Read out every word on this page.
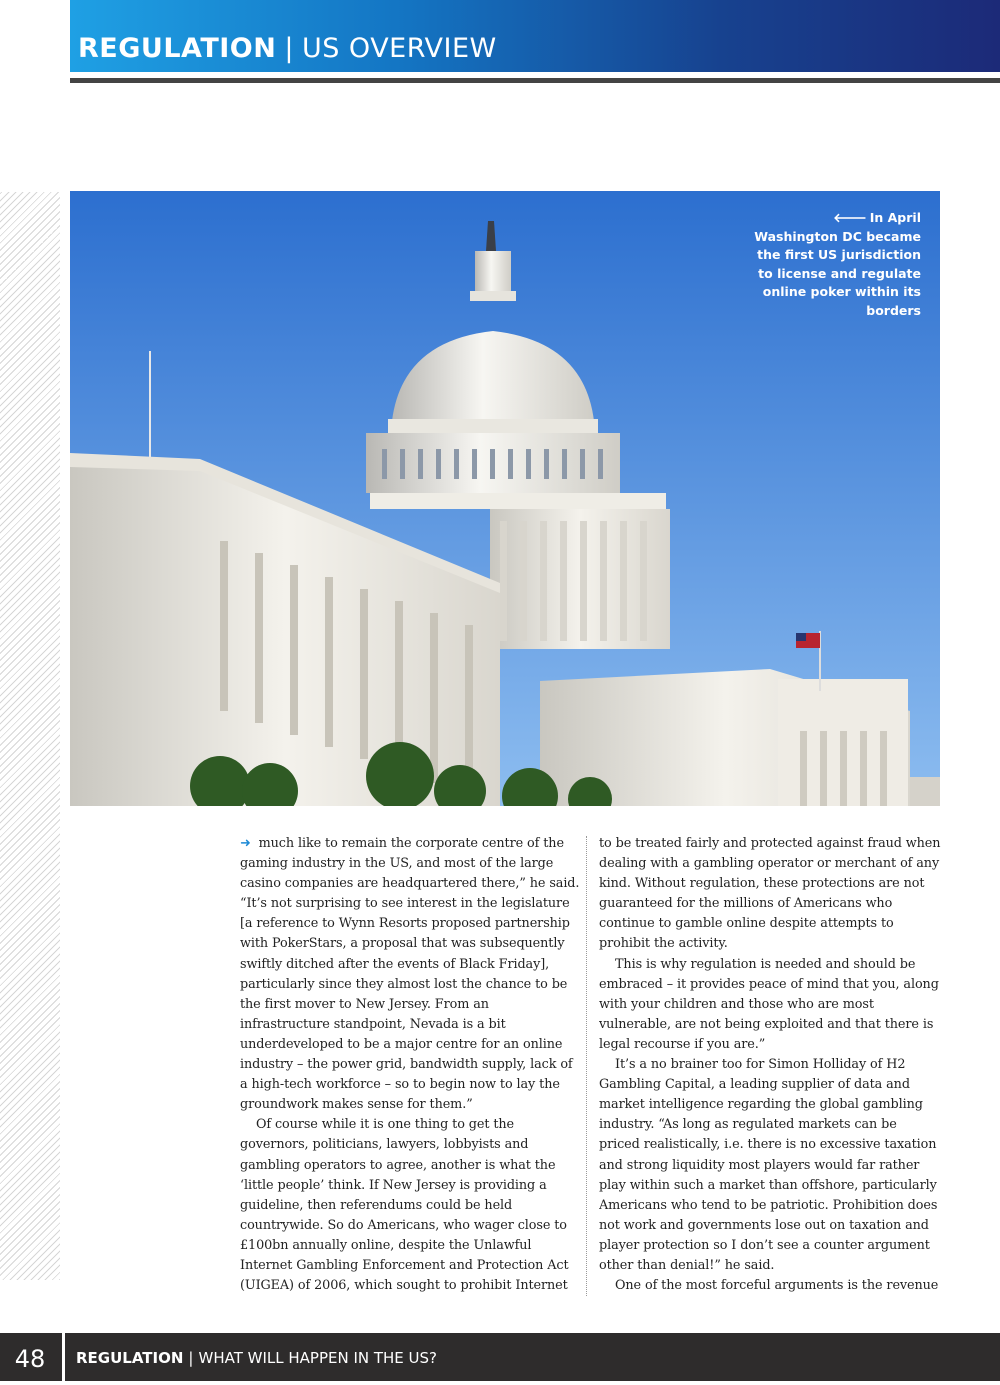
REGULATION | US OVERVIEW
🡐 In April Washington DC became the first US jurisdiction to license and regulate online poker within its borders

➜ much like to remain the corporate centre of the gaming industry in the US, and most of the large casino companies are headquartered there,” he said. “It’s not surprising to see interest in the legislature [a reference to Wynn Resorts proposed partnership with PokerStars, a proposal that was subsequently swiftly ditched after the events of Black Friday], particularly since they almost lost the chance to be the first mover to New Jersey. From an infrastructure standpoint, Nevada is a bit underdeveloped to be a major centre for an online industry – the power grid, bandwidth supply, lack of a high-tech workforce – so to begin now to lay the groundwork makes sense for them.”

Of course while it is one thing to get the governors, politicians, lawyers, lobbyists and gambling operators to agree, another is what the ‘little people’ think. If New Jersey is providing a guideline, then referendums could be held countrywide. So do Americans, who wager close to £100bn annually online, despite the Unlawful Internet Gambling Enforcement and Protection Act (UIGEA) of 2006, which sought to prohibit Internet

to be treated fairly and protected against fraud when dealing with a gambling operator or merchant of any kind. Without regulation, these protections are not guaranteed for the millions of Americans who continue to gamble online despite attempts to prohibit the activity.

This is why regulation is needed and should be embraced – it provides peace of mind that you, along with your children and those who are most vulnerable, are not being exploited and that there is legal recourse if you are.”

It’s a no brainer too for Simon Holliday of H2 Gambling Capital, a leading supplier of data and market intelligence regarding the global gambling industry. “As long as regulated markets can be priced realistically, i.e. there is no excessive taxation and strong liquidity most players would far rather play within such a market than offshore, particularly Americans who tend to be patriotic. Prohibition does not work and governments lose out on taxation and player protection so I don’t see a counter argument other than denial!” he said.

One of the most forceful arguments is the revenue

48	REGULATION | WHAT WILL HAPPEN IN THE US?
